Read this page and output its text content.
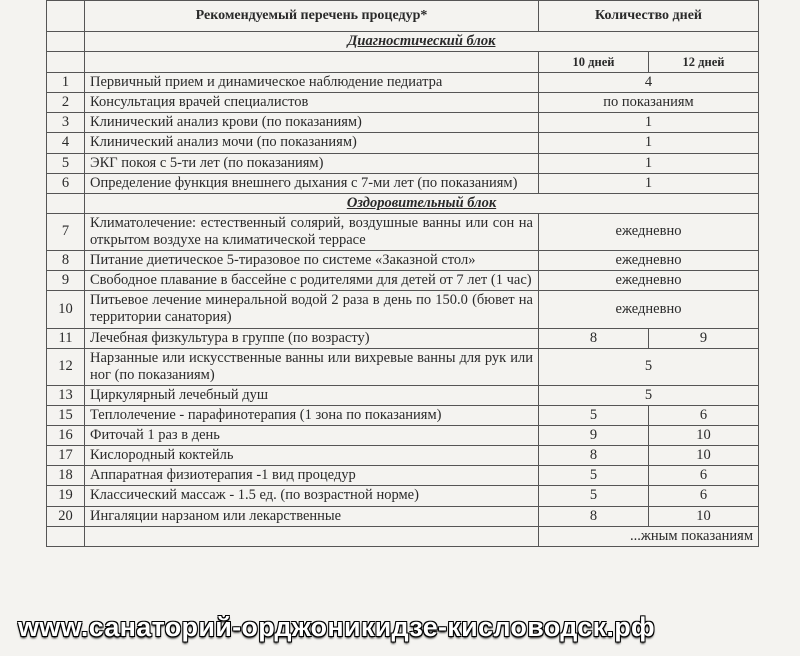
	Рекомендуемый перечень процедур*	Количество дней	
	Диагностический блок		
		10 дней	12 дней
1	Первичный прием и динамическое наблюдение педиатра	4	
2	Консультация врачей специалистов	по показаниям	
3	Клинический анализ крови (по показаниям)	1	
4	Клинический анализ мочи (по показаниям)	1	
5	ЭКГ покоя с 5-ти лет (по показаниям)	1	
6	Определение функция внешнего дыхания с 7-ми лет (по показаниям)	1	
	Оздоровительный блок		
7	Климатолечение: естественный солярий, воздушные ванны или сон на открытом воздухе на климатической террасе	ежедневно	
8	Питание диетическое 5-тиразовое по системе «Заказной стол»	ежедневно	
9	Свободное плавание в бассейне с родителями для детей от 7 лет (1 час)	ежедневно	
10	Питьевое лечение минеральной водой 2 раза в день по 150.0 (бювет на территории санатория)	ежедневно	
11	Лечебная физкультура в группе (по возрасту)	8	9
12	Нарзанные или искусственные ванны или вихревые ванны для рук или ног (по показаниям)	5	
13	Циркулярный лечебный душ	5	
15	Теплолечение - парафинотерапия (1 зона по показаниям)	5	6
16	Фиточай 1 раз в день	9	10
17	Кислородный коктейль	8	10
18	Аппаратная физиотерапия -1 вид процедур	5	6
19	Классический массаж - 1.5 ед. (по возрастной норме)	5	6
20	Ингаляции нарзаном или лекарственные	8	10
		...жным показаниям	
www.санаторий-орджоникидзе-кисловодск.рф
